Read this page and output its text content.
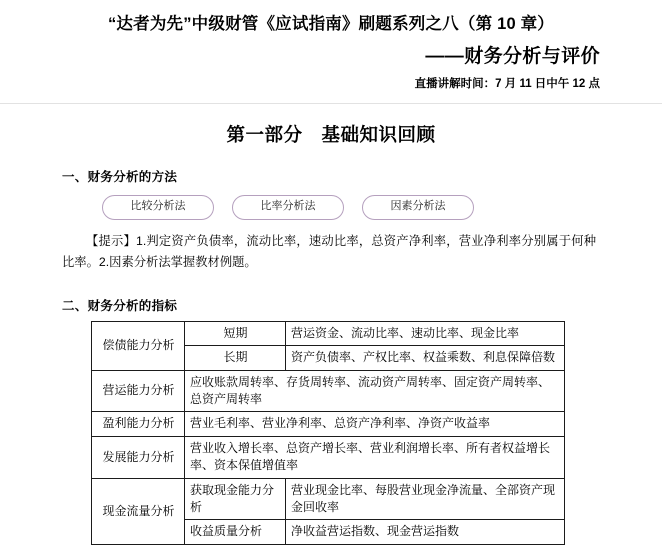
“达者为先”中级财管《应试指南》刷题系列之八（第 10 章）
——财务分析与评价

直播讲解时间：7 月 11 日中午 12 点

第一部分　基础知识回顾
一、财务分析的方法
比较分析法	比率分析法	因素分析法

【提示】1.判定资产负债率，流动比率，速动比率，总资产净利率，营业净利率分别属于何种比率。2.因素分析法掌握教材例题。

二、财务分析的指标
偿债能力分析	短期	营运资金、流动比率、速动比率、现金比率
	长期	资产负债率、产权比率、权益乘数、利息保障倍数
营运能力分析	应收账款周转率、存货周转率、流动资产周转率、固定资产周转率、总资产周转率	
盈利能力分析	营业毛利率、营业净利率、总资产净利率、净资产收益率	
发展能力分析	营业收入增长率、总资产增长率、营业利润增长率、所有者权益增长率、资本保值增值率	
现金流量分析	获取现金能力分析	营业现金比率、每股营业现金净流量、全部资产现金回收率
	收益质量分析	净收益营运指数、现金营运指数
